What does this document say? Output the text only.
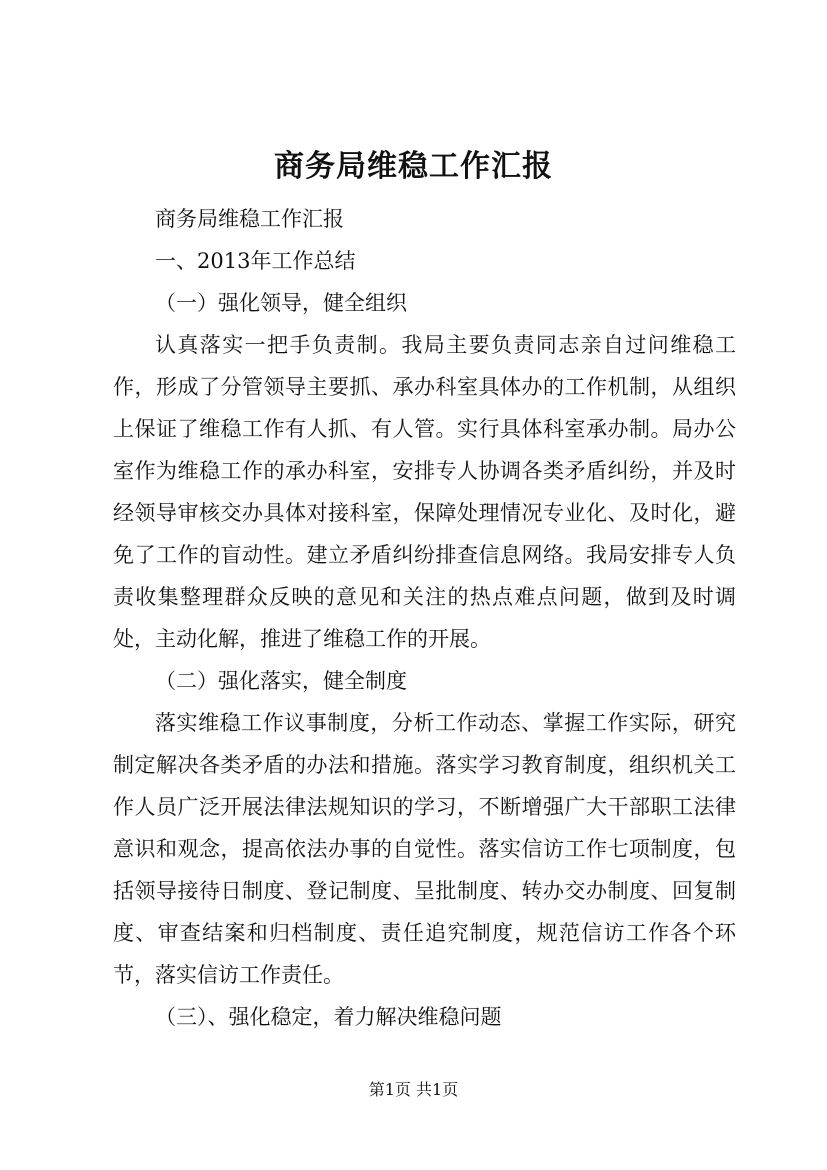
商务局维稳工作汇报

商务局维稳工作汇报

一、2013年工作总结

（一）强化领导，健全组织

认真落实一把手负责制。我局主要负责同志亲自过问维稳工作，形成了分管领导主要抓、承办科室具体办的工作机制，从组织上保证了维稳工作有人抓、有人管。实行具体科室承办制。局办公室作为维稳工作的承办科室，安排专人协调各类矛盾纠纷，并及时经领导审核交办具体对接科室，保障处理情况专业化、及时化，避免了工作的盲动性。建立矛盾纠纷排查信息网络。我局安排专人负责收集整理群众反映的意见和关注的热点难点问题，做到及时调处，主动化解，推进了维稳工作的开展。

（二）强化落实，健全制度

落实维稳工作议事制度，分析工作动态、掌握工作实际，研究制定解决各类矛盾的办法和措施。落实学习教育制度，组织机关工作人员广泛开展法律法规知识的学习，不断增强广大干部职工法律意识和观念，提高依法办事的自觉性。落实信访工作七项制度，包括领导接待日制度、登记制度、呈批制度、转办交办制度、回复制度、审查结案和归档制度、责任追究制度，规范信访工作各个环节，落实信访工作责任。

（三）、强化稳定，着力解决维稳问题

第1页 共1页
